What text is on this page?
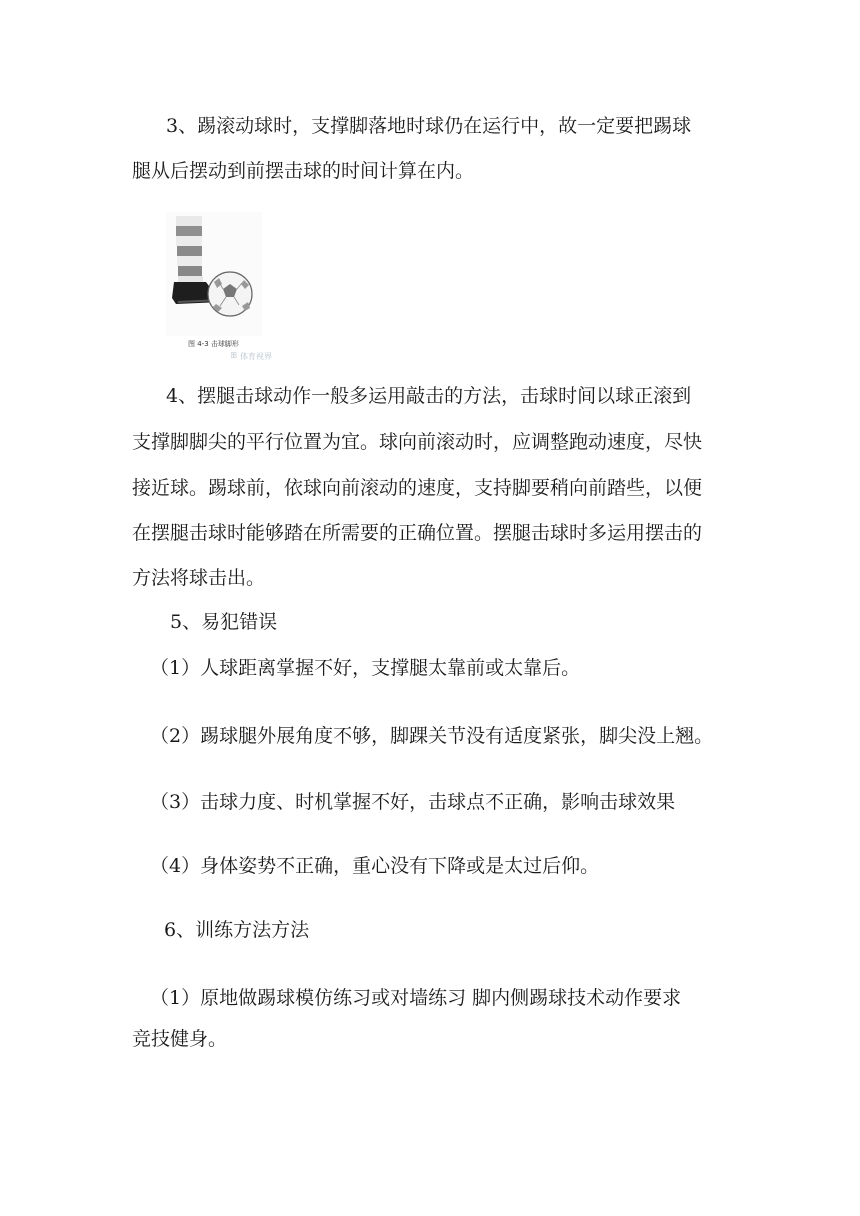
3、踢滚动球时，支撑脚落地时球仍在运行中，故一定要把踢球
腿从后摆动到前摆击球的时间计算在内。
图 4-3 击球脚形
ꕥ 体育视界
4、摆腿击球动作一般多运用敲击的方法，击球时间以球正滚到
支撑脚脚尖的平行位置为宜。球向前滚动时，应调整跑动速度，尽快
接近球。踢球前，依球向前滚动的速度，支持脚要稍向前踏些，以便
在摆腿击球时能够踏在所需要的正确位置。摆腿击球时多运用摆击的
方法将球击出。
5、易犯错误
（1）人球距离掌握不好，支撑腿太靠前或太靠后。
（2）踢球腿外展角度不够，脚踝关节没有适度紧张，脚尖没上翘。
（3）击球力度、时机掌握不好，击球点不正确，影响击球效果
（4）身体姿势不正确，重心没有下降或是太过后仰。
6、训练方法方法
（1）原地做踢球模仿练习或对墙练习 脚内侧踢球技术动作要求
竞技健身。
